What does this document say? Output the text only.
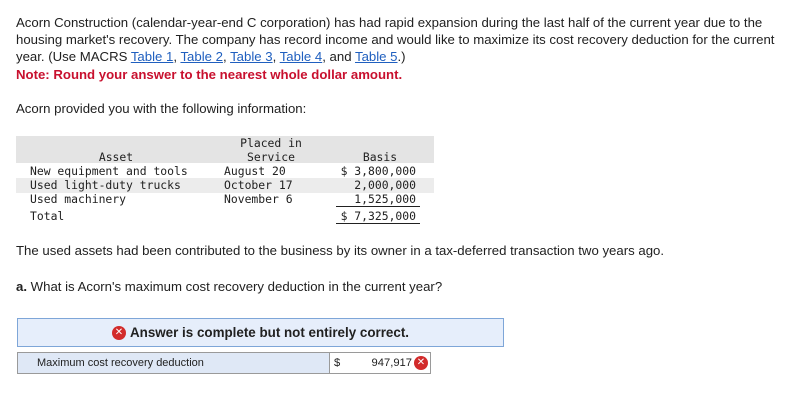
Acorn Construction (calendar-year-end C corporation) has had rapid expansion during the last half of the current year due to the housing market's recovery. The company has record income and would like to maximize its cost recovery deduction for the current year. (Use MACRS Table 1, Table 2, Table 3, Table 4, and Table 5.)
Note: Round your answer to the nearest whole dollar amount.
Acorn provided you with the following information:
Asset
Placed in
Service	Basis
New equipment and tools	August 20	$ 3,800,000
Used light-duty trucks	October 17	2,000,000
Used machinery	November 6	1,525,000
Total	$ 7,325,000
The used assets had been contributed to the business by its owner in a tax-deferred transaction two years ago.
a. What is Acorn's maximum cost recovery deduction in the current year?
✕ Answer is complete but not entirely correct.
Maximum cost recovery deduction	$	947,917 ✕
